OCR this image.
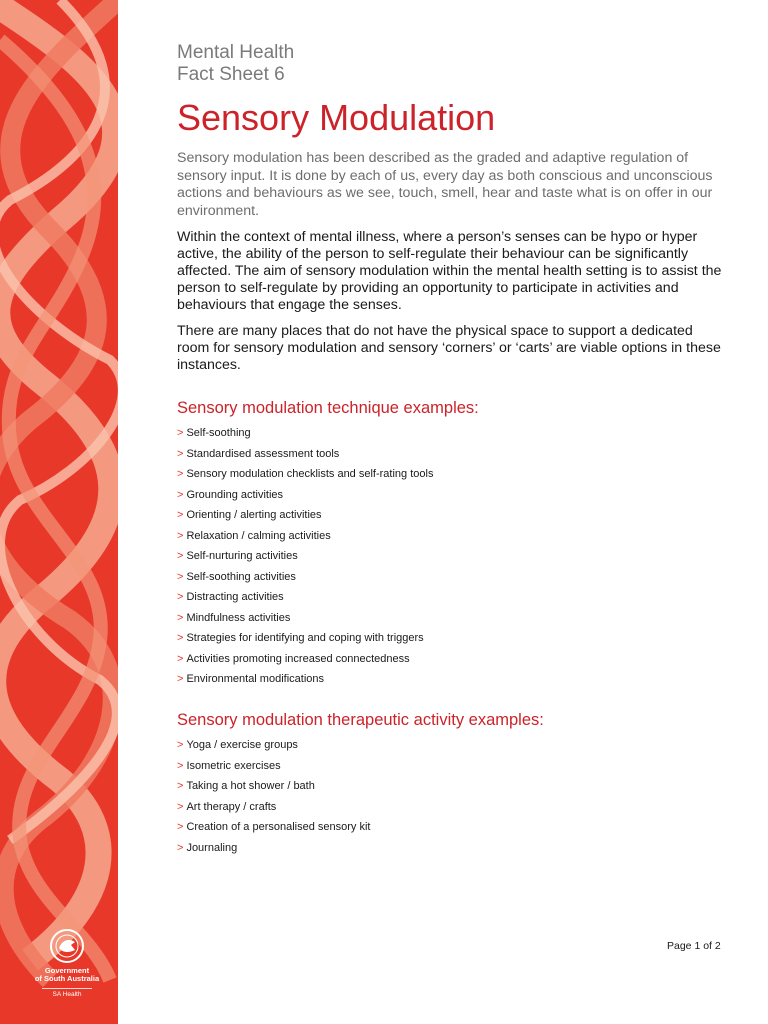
Government
of South Australia
SA Health
Mental Health
Fact Sheet 6
Sensory Modulation

Sensory modulation has been described as the graded and adaptive regulation of sensory input. It is done by each of us, every day as both conscious and unconscious actions and behaviours as we see, touch, smell, hear and taste what is on offer in our environment.

Within the context of mental illness, where a person’s senses can be hypo or hyper active, the ability of the person to self-regulate their behaviour can be significantly affected. The aim of sensory modulation within the mental health setting is to assist the person to self-regulate by providing an opportunity to participate in activities and behaviours that engage the senses.

There are many places that do not have the physical space to support a dedicated room for sensory modulation and sensory ‘corners’ or ‘carts’ are viable options in these instances.

Sensory modulation technique examples:
> Self-soothing
> Standardised assessment tools
> Sensory modulation checklists and self-rating tools
> Grounding activities
> Orienting / alerting activities
> Relaxation / calming activities
> Self-nurturing activities
> Self-soothing activities
> Distracting activities
> Mindfulness activities
> Strategies for identifying and coping with triggers
> Activities promoting increased connectedness
> Environmental modifications
Sensory modulation therapeutic activity examples:
> Yoga / exercise groups
> Isometric exercises
> Taking a hot shower / bath
> Art therapy / crafts
> Creation of a personalised sensory kit
> Journaling
Page 1 of 2
